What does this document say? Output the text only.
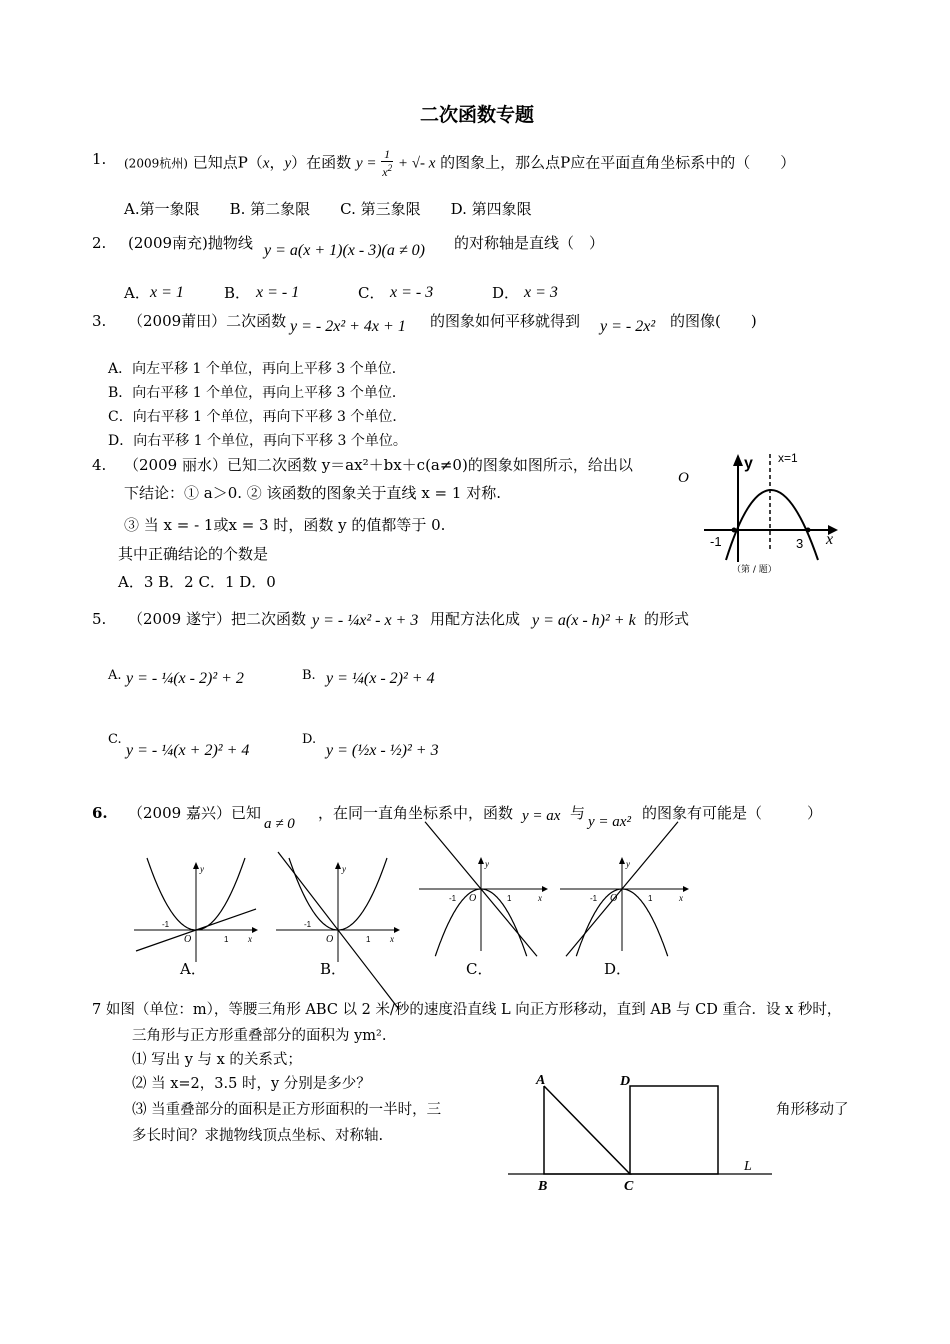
二次函数专题
1. (2009杭州) 已知点P（x，y）在函数 $y = \frac{1}{x^2}$ + √- x 的图象上，那么点P应在平面直角坐标系中的（　　）
A.第一象限　　B. 第二象限　　C. 第三象限　　D. 第四象限
2. (2009南充)抛物线 y = a(x + 1)(x - 3)(a ≠ 0) 的对称轴是直线（　）
A． x = 1	B． x = - 1	C． x = - 3	D． x = 3
3. （2009莆田）二次函数 y = - 2x² + 4x + 1 的图象如何平移就得到 y = - 2x² 的图像(　　)
A．向左平移 1 个单位，再向上平移 3 个单位．
B．向右平移 1 个单位，再向上平移 3 个单位．
C．向右平移 1 个单位，再向下平移 3 个单位．
D．向右平移 1 个单位，再向下平移 3 个单位。
4. （2009 丽水）已知二次函数 y＝ax²＋bx＋c(a≠0)的图象如图所示，给出以
下结论：① a＞0. ② 该函数的图象关于直线 x = 1 对称.
③ 当 x = - 1或x = 3 时，函数 y 的值都等于 0.
其中正确结论的个数是
A．3 B．2 C．1 D．0
O
y x=1
x
-1	3
（第 / 题）
5. （2009 遂宁）把二次函数 y = - ¼x² - x + 3 用配方法化成 y = a(x - h)² + k 的形式
A. y = - ¼(x - 2)² + 2	B. y = ¼(x - 2)² + 4
C.
y = - ¼(x + 2)² + 4
D.
y = (½x - ½)² + 3
6. （2009 嘉兴）已知
a ≠ 0
，在同一直角坐标系中，函数 y = ax 与 y = ax² 的图象有可能是（　　　）
y
x
O
-1
1
y
x
O
-1
1
y
x
O
-1	1
y
x
O
-1	1
A．	B．	C．	D．
7 如图（单位：m），等腰三角形 ABC 以 2 米/秒的速度沿直线 L 向正方形移动，直到 AB 与 CD 重合．设 x 秒时，
三角形与正方形重叠部分的面积为 ym².
⑴ 写出 y 与 x 的关系式；
⑵ 当 x=2，3.5 时，y 分别是多少？
⑶ 当重叠部分的面积是正方形面积的一半时，三	角形移动了
多长时间？求抛物线顶点坐标、对称轴.
A
B	C
D
L
